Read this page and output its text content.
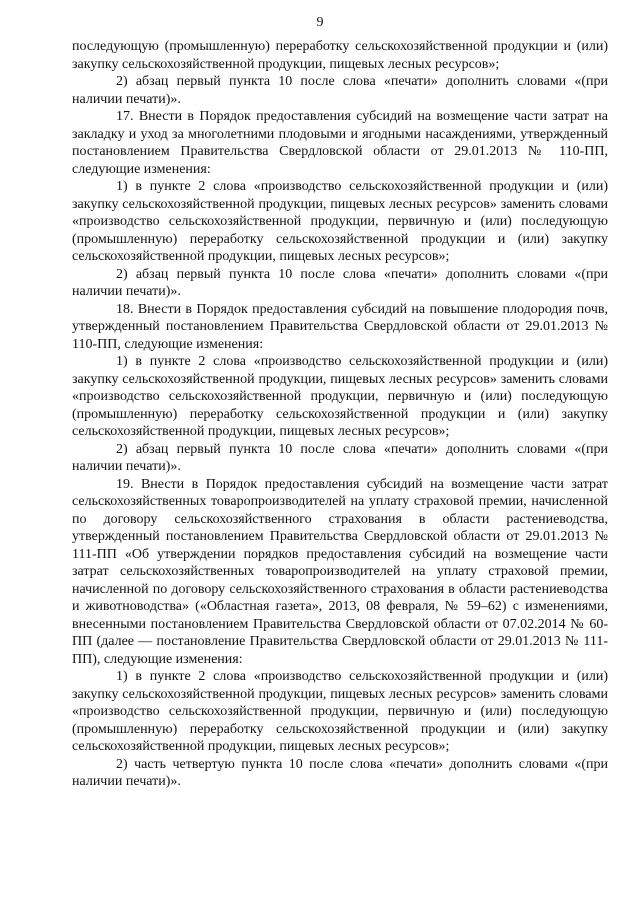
9

последующую (промышленную) переработку сельскохозяйственной продукции и (или) закупку сельскохозяйственной продукции, пищевых лесных ресурсов»;

2) абзац первый пункта 10 после слова «печати» дополнить словами «(при наличии печати)».

17. Внести в Порядок предоставления субсидий на возмещение части затрат на закладку и уход за многолетними плодовыми и ягодными насаждениями, утвержденный постановлением Правительства Свердловской области от 29.01.2013 № 110-ПП, следующие изменения:

1) в пункте 2 слова «производство сельскохозяйственной продукции и (или) закупку сельскохозяйственной продукции, пищевых лесных ресурсов» заменить словами «производство сельскохозяйственной продукции, первичную и (или) последующую (промышленную) переработку сельскохозяйственной продукции и (или) закупку сельскохозяйственной продукции, пищевых лесных ресурсов»;

2) абзац первый пункта 10 после слова «печати» дополнить словами «(при наличии печати)».

18. Внести в Порядок предоставления субсидий на повышение плодородия почв, утвержденный постановлением Правительства Свердловской области от 29.01.2013 № 110-ПП, следующие изменения:

1) в пункте 2 слова «производство сельскохозяйственной продукции и (или) закупку сельскохозяйственной продукции, пищевых лесных ресурсов» заменить словами «производство сельскохозяйственной продукции, первичную и (или) последующую (промышленную) переработку сельскохозяйственной продукции и (или) закупку сельскохозяйственной продукции, пищевых лесных ресурсов»;

2) абзац первый пункта 10 после слова «печати» дополнить словами «(при наличии печати)».

19. Внести в Порядок предоставления субсидий на возмещение части затрат сельскохозяйственных товаропроизводителей на уплату страховой премии, начисленной по договору сельскохозяйственного страхования в области растениеводства, утвержденный постановлением Правительства Свердловской области от 29.01.2013 № 111-ПП «Об утверждении порядков предоставления субсидий на возмещение части затрат сельскохозяйственных товаропроизводителей на уплату страховой премии, начисленной по договору сельскохозяйственного страхования в области растениеводства и животноводства» («Областная газета», 2013, 08 февраля, № 59–62) с изменениями, внесенными постановлением Правительства Свердловской области от 07.02.2014 № 60-ПП (далее — постановление Правительства Свердловской области от 29.01.2013 № 111-ПП), следующие изменения:

1) в пункте 2 слова «производство сельскохозяйственной продукции и (или) закупку сельскохозяйственной продукции, пищевых лесных ресурсов» заменить словами «производство сельскохозяйственной продукции, первичную и (или) последующую (промышленную) переработку сельскохозяйственной продукции и (или) закупку сельскохозяйственной продукции, пищевых лесных ресурсов»;

2) часть четвертую пункта 10 после слова «печати» дополнить словами «(при наличии печати)».
